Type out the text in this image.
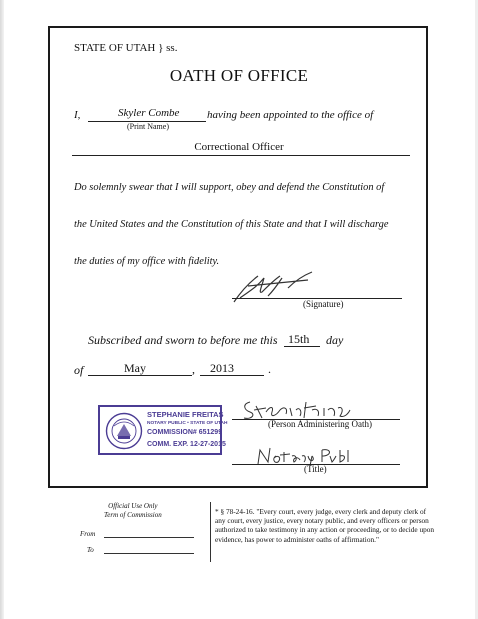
STATE OF UTAH } ss.
OATH OF OFFICE
I,	Skyler Combe
(Print Name)
having been appointed to the office of
Correctional Officer
Do solemnly swear that I will support, obey and defend the Constitution of
the United States and the Constitution of this State and that I will discharge
the duties of my office with fidelity.
(Signature)
Subscribed and sworn to before me this 15th day
of	May	, 2013	.
STEPHANIE FREITAS
NOTARY PUBLIC • STATE OF UTAH
COMMISSION# 651299
COMM. EXP. 12-27-2015
(Person Administering Oath)
(Title)
Official Use Only
Term of Commission
From
To
* § 78-24-16. "Every court, every judge, every clerk and deputy clerk of any court, every justice, every notary public, and every officers or person authorized to take testimony in any action or proceeding, or to decide upon evidence, has power to administer oaths of affirmation."
